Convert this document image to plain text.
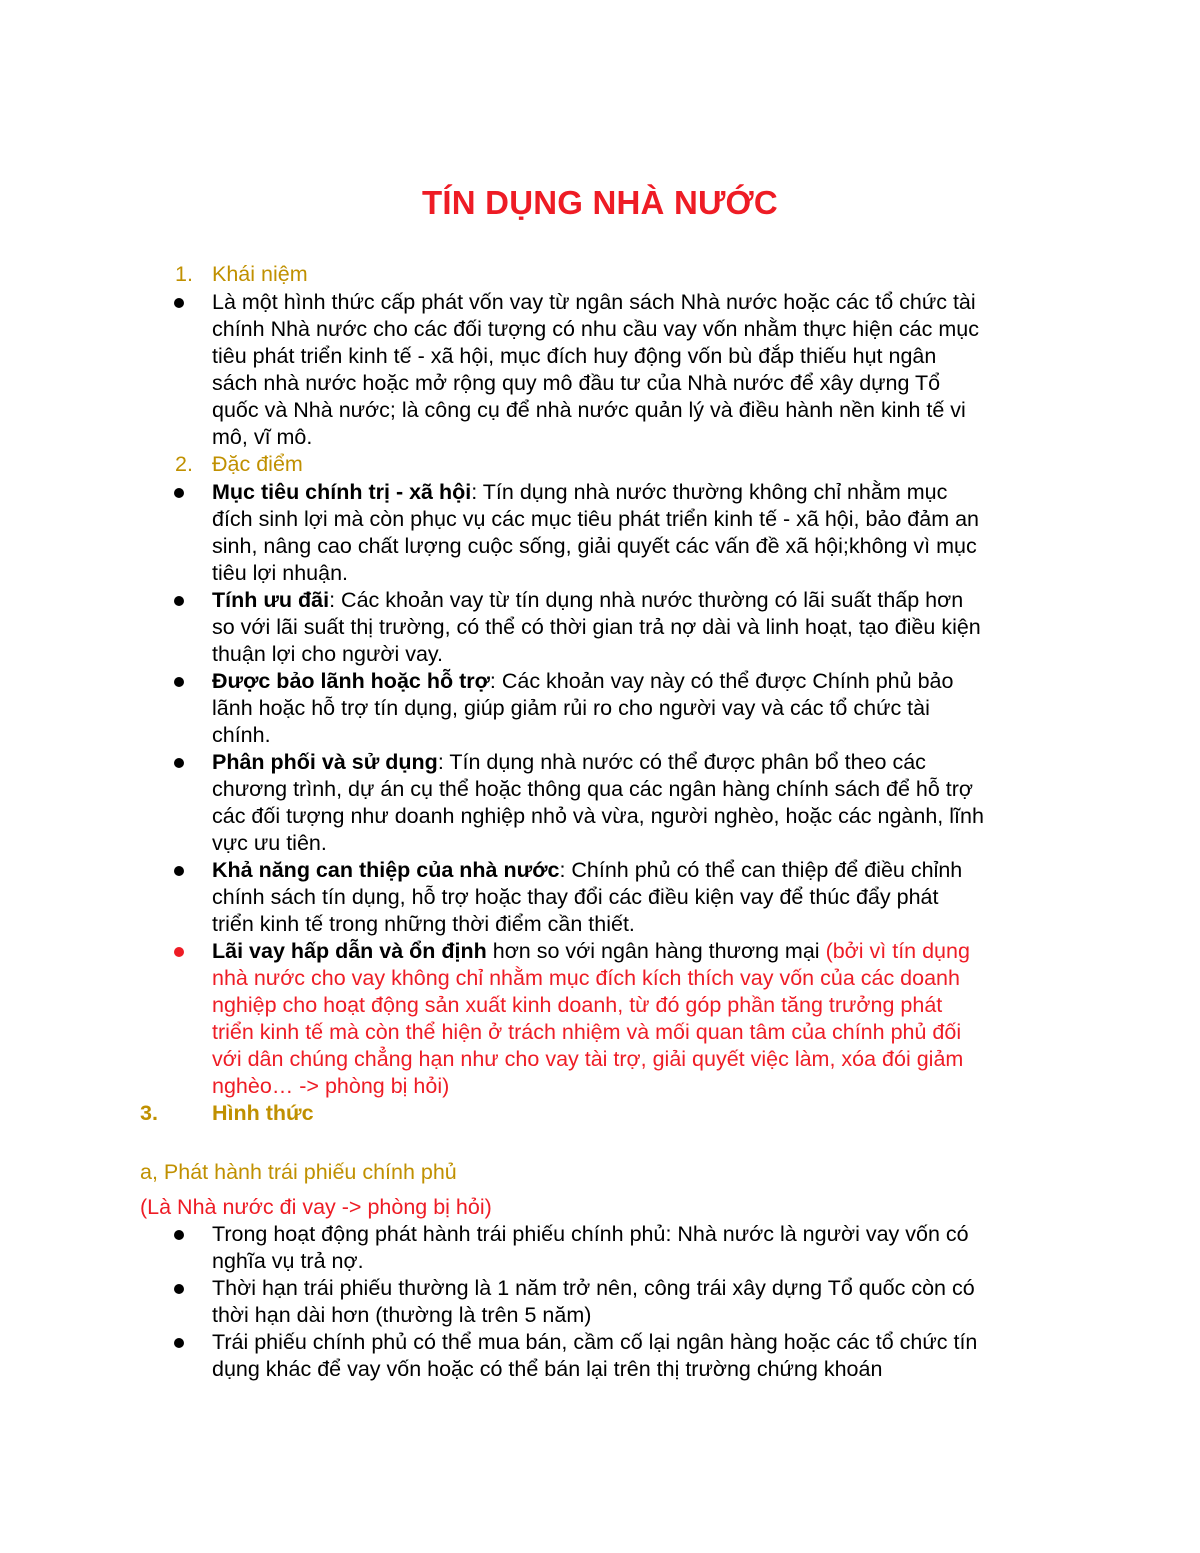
TÍN DỤNG NHÀ NƯỚC
1. Khái niệm
Là một hình thức cấp phát vốn vay từ ngân sách Nhà nước hoặc các tổ chức tài
chính Nhà nước cho các đối tượng có nhu cầu vay vốn nhằm thực hiện các mục
tiêu phát triển kinh tế - xã hội, mục đích huy động vốn bù đắp thiếu hụt ngân
sách nhà nước hoặc mở rộng quy mô đầu tư của Nhà nước để xây dựng Tổ
quốc và Nhà nước; là công cụ để nhà nước quản lý và điều hành nền kinh tế vi
mô, vĩ mô.
2. Đặc điểm
Mục tiêu chính trị - xã hội: Tín dụng nhà nước thường không chỉ nhằm mục
đích sinh lợi mà còn phục vụ các mục tiêu phát triển kinh tế - xã hội, bảo đảm an
sinh, nâng cao chất lượng cuộc sống, giải quyết các vấn đề xã hội;không vì mục
tiêu lợi nhuận.
Tính ưu đãi: Các khoản vay từ tín dụng nhà nước thường có lãi suất thấp hơn
so với lãi suất thị trường, có thể có thời gian trả nợ dài và linh hoạt, tạo điều kiện
thuận lợi cho người vay.
Được bảo lãnh hoặc hỗ trợ: Các khoản vay này có thể được Chính phủ bảo
lãnh hoặc hỗ trợ tín dụng, giúp giảm rủi ro cho người vay và các tổ chức tài
chính.
Phân phối và sử dụng: Tín dụng nhà nước có thể được phân bổ theo các
chương trình, dự án cụ thể hoặc thông qua các ngân hàng chính sách để hỗ trợ
các đối tượng như doanh nghiệp nhỏ và vừa, người nghèo, hoặc các ngành, lĩnh
vực ưu tiên.
Khả năng can thiệp của nhà nước: Chính phủ có thể can thiệp để điều chỉnh
chính sách tín dụng, hỗ trợ hoặc thay đổi các điều kiện vay để thúc đẩy phát
triển kinh tế trong những thời điểm cần thiết.
Lãi vay hấp dẫn và ổn định hơn so với ngân hàng thương mại (bởi vì tín dụng
nhà nước cho vay không chỉ nhằm mục đích kích thích vay vốn của các doanh
nghiệp cho hoạt động sản xuất kinh doanh, từ đó góp phần tăng trưởng phát
triển kinh tế mà còn thể hiện ở trách nhiệm và mối quan tâm của chính phủ đối
với dân chúng chẳng hạn như cho vay tài trợ, giải quyết việc làm, xóa đói giảm
nghèo… -> phòng bị hỏi)
3.	Hình thức
a, Phát hành trái phiếu chính phủ
(Là Nhà nước đi vay -> phòng bị hỏi)
Trong hoạt động phát hành trái phiếu chính phủ: Nhà nước là người vay vốn có
nghĩa vụ trả nợ.
Thời hạn trái phiếu thường là 1 năm trở nên, công trái xây dựng Tổ quốc còn có
thời hạn dài hơn (thường là trên 5 năm)
Trái phiếu chính phủ có thể mua bán, cầm cố lại ngân hàng hoặc các tổ chức tín
dụng khác để vay vốn hoặc có thể bán lại trên thị trường chứng khoán
